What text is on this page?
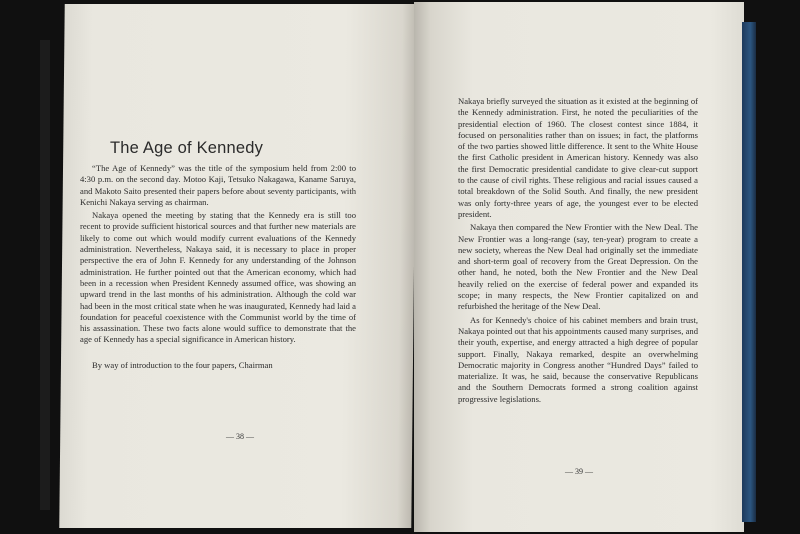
The Age of Kennedy

“The Age of Kennedy” was the title of the symposium held from 2:00 to 4:30 p.m. on the second day. Motoo Kaji, Tetsuko Nakagawa, Kaname Saruya, and Makoto Saito presented their papers before about seventy participants, with Kenichi Nakaya serving as chairman.

Nakaya opened the meeting by stating that the Kennedy era is still too recent to provide sufficient historical sources and that further new materials are likely to come out which would modify current evaluations of the Kennedy administration. Nevertheless, Nakaya said, it is necessary to place in proper perspective the era of John F. Kennedy for any understanding of the Johnson administration. He further pointed out that the American economy, which had been in a recession when President Kennedy assumed office, was showing an upward trend in the last months of his administration. Although the cold war had been in the most critical state when he was inaugurated, Kennedy had laid a foundation for peaceful coexistence with the Communist world by the time of his assassination. These two facts alone would suffice to demonstrate that the age of Kennedy has a special significance in American history.

By way of introduction to the four papers, Chairman

— 38 —

Nakaya briefly surveyed the situation as it existed at the beginning of the Kennedy administration. First, he noted the peculiarities of the presidential election of 1960. The closest contest since 1884, it focused on personalities rather than on issues; in fact, the platforms of the two parties showed little difference. It sent to the White House the first Catholic president in American history. Kennedy was also the first Democratic presidential candidate to give clear-cut support to the cause of civil rights. These religious and racial issues caused a total breakdown of the Solid South. And finally, the new president was only forty-three years of age, the youngest ever to be elected president.

Nakaya then compared the New Frontier with the New Deal. The New Frontier was a long-range (say, ten-year) program to create a new society, whereas the New Deal had originally set the immediate and short-term goal of recovery from the Great Depression. On the other hand, he noted, both the New Frontier and the New Deal heavily relied on the exercise of federal power and expanded its scope; in many respects, the New Frontier capitalized on and refurbished the heritage of the New Deal.

As for Kennedy's choice of his cabinet members and brain trust, Nakaya pointed out that his appointments caused many surprises, and their youth, expertise, and energy attracted a high degree of popular support. Finally, Nakaya remarked, despite an overwhelming Democratic majority in Congress another “Hundred Days” failed to materialize. It was, he said, because the conservative Republicans and the Southern Democrats formed a strong coalition against progressive legislations.

— 39 —
